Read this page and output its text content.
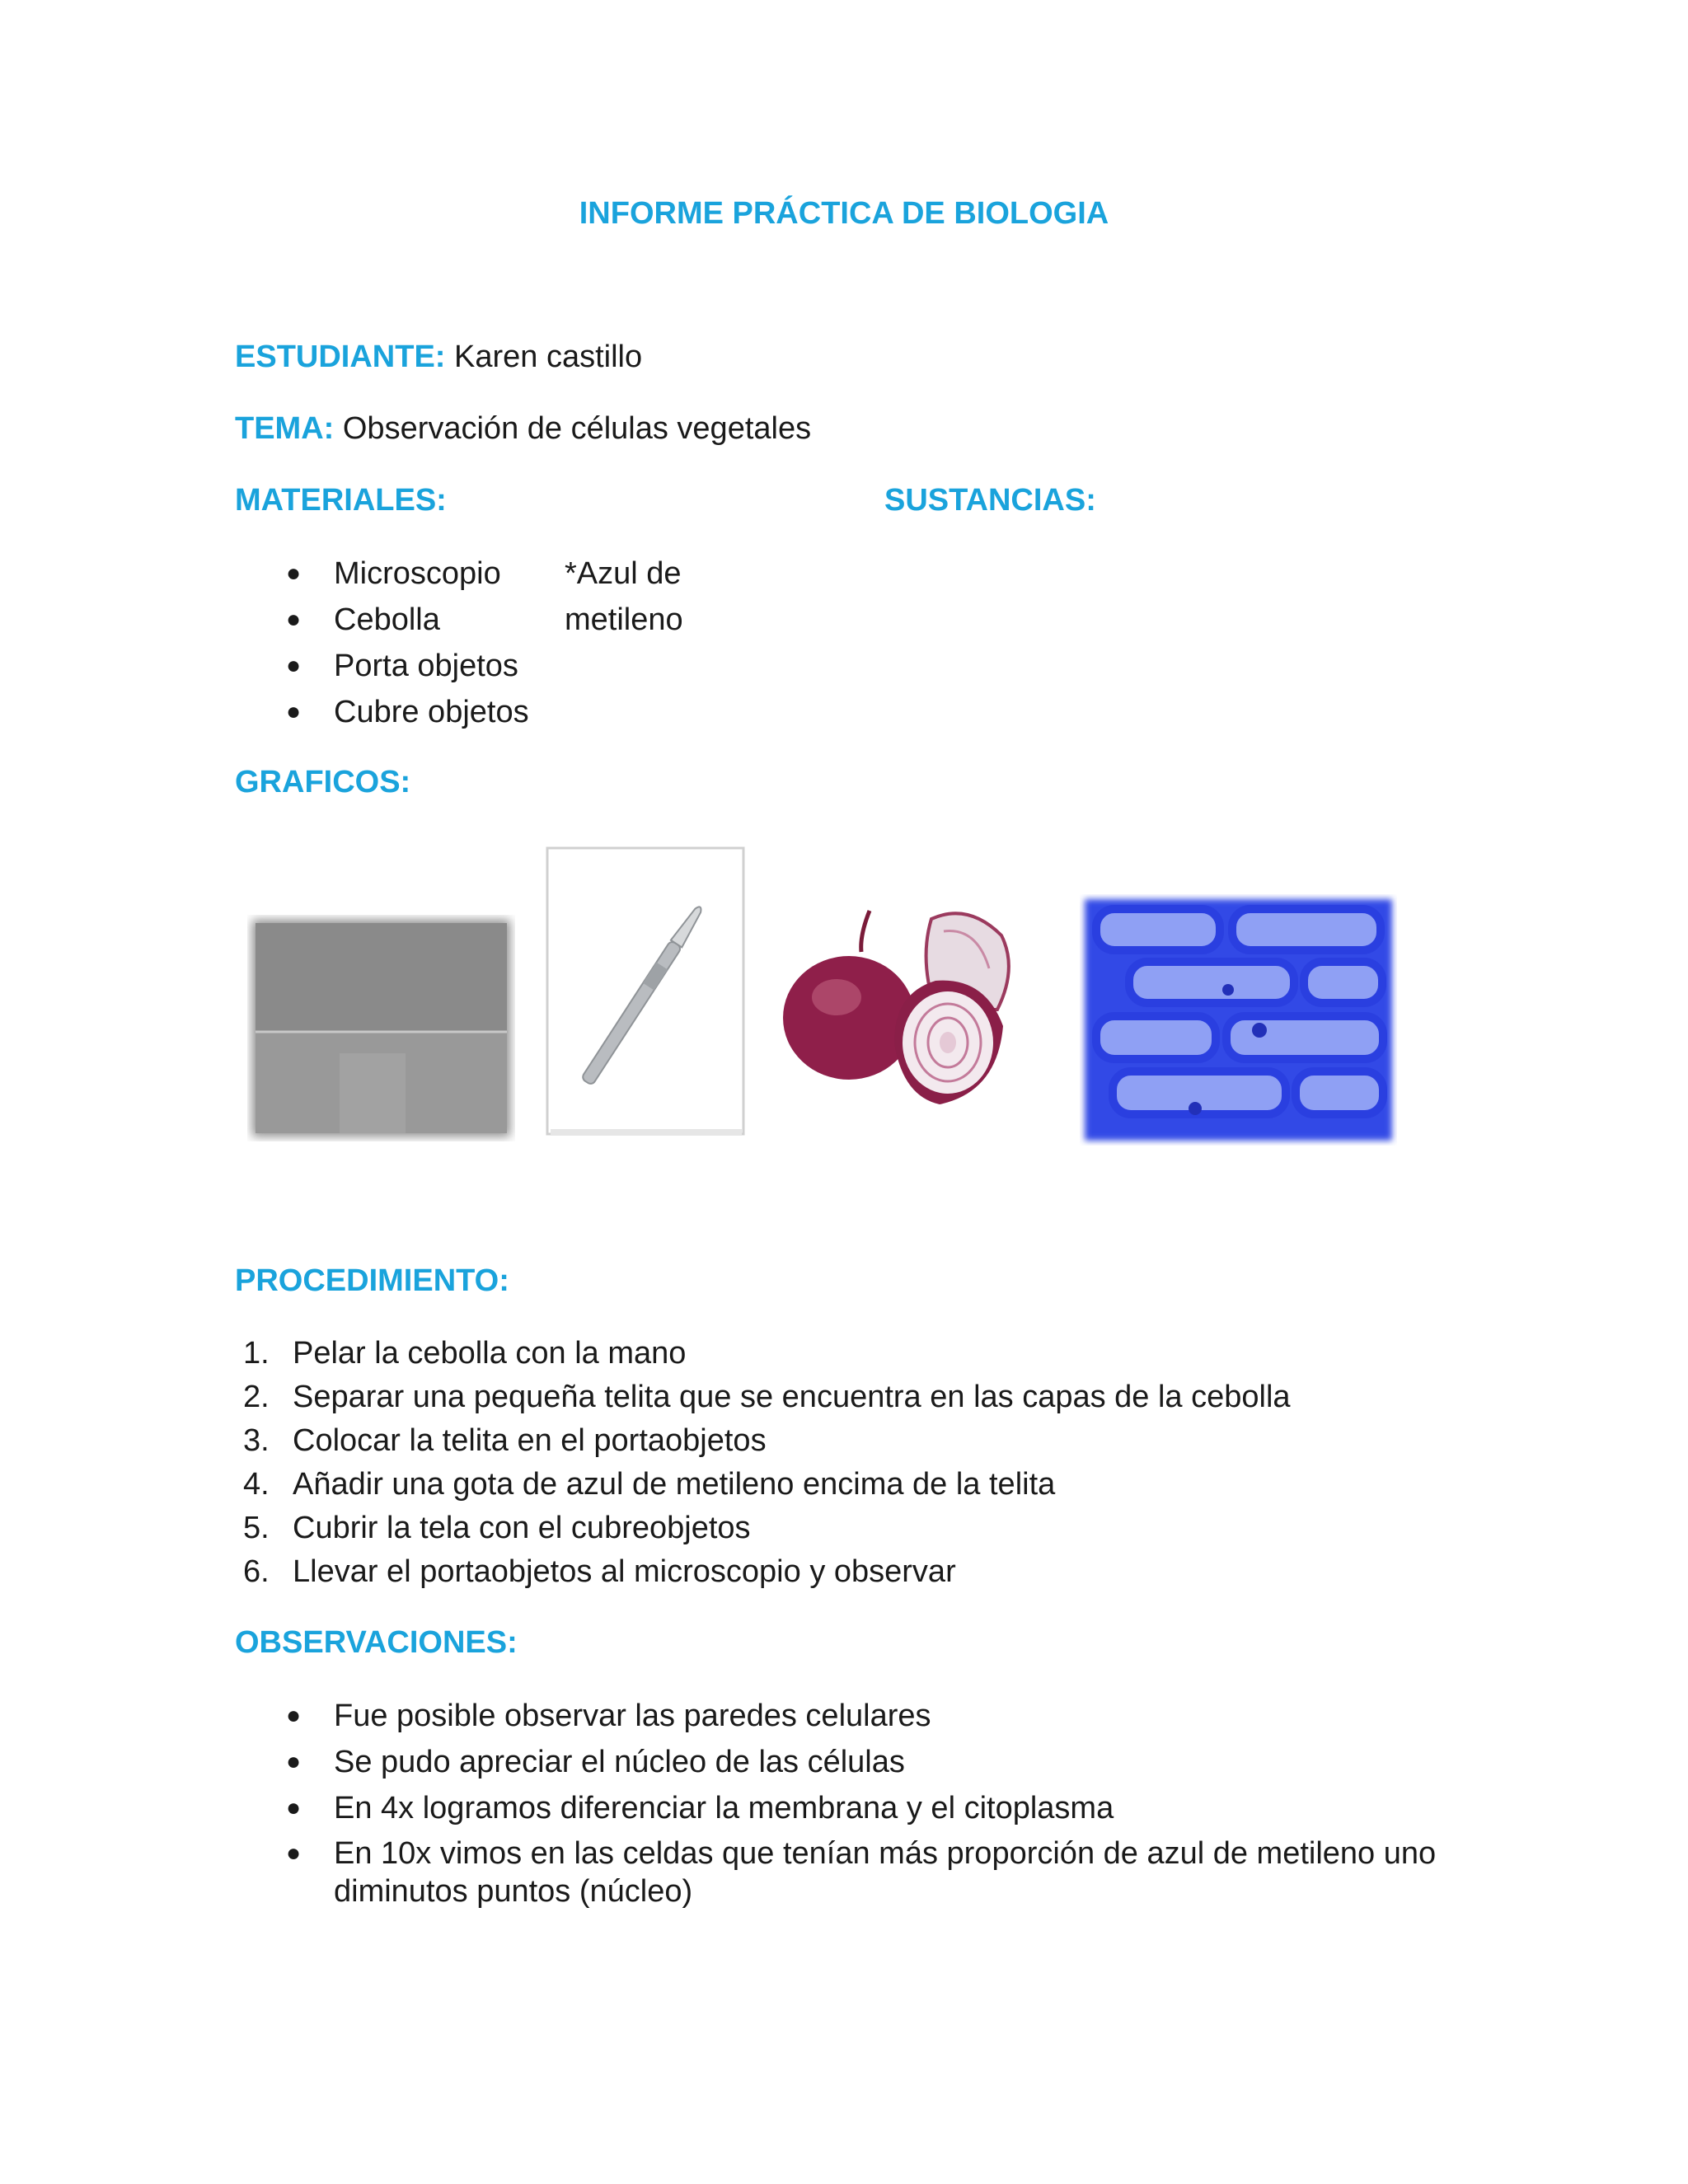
INFORME PRÁCTICA DE BIOLOGIA
ESTUDIANTE: Karen castillo
TEMA: Observación de células vegetales
MATERIALES:	SUSTANCIAS:
● Microscopio *Azul de metileno
● Cebolla
● Porta objetos
● Cubre objetos
GRAFICOS:
PROCEDIMIENTO:
1. Pelar la cebolla con la mano
2. Separar una pequeña telita que se encuentra en las capas de la cebolla
3. Colocar la telita en el portaobjetos
4. Añadir una gota de azul de metileno encima de la telita
5. Cubrir la tela con el cubreobjetos
6. Llevar el portaobjetos al microscopio y observar
OBSERVACIONES:
● Fue posible observar las paredes celulares
● Se pudo apreciar el núcleo de las células
● En 4x logramos diferenciar la membrana y el citoplasma
● En 10x vimos en las celdas que tenían más proporción de azul de metileno uno diminutos puntos (núcleo)
